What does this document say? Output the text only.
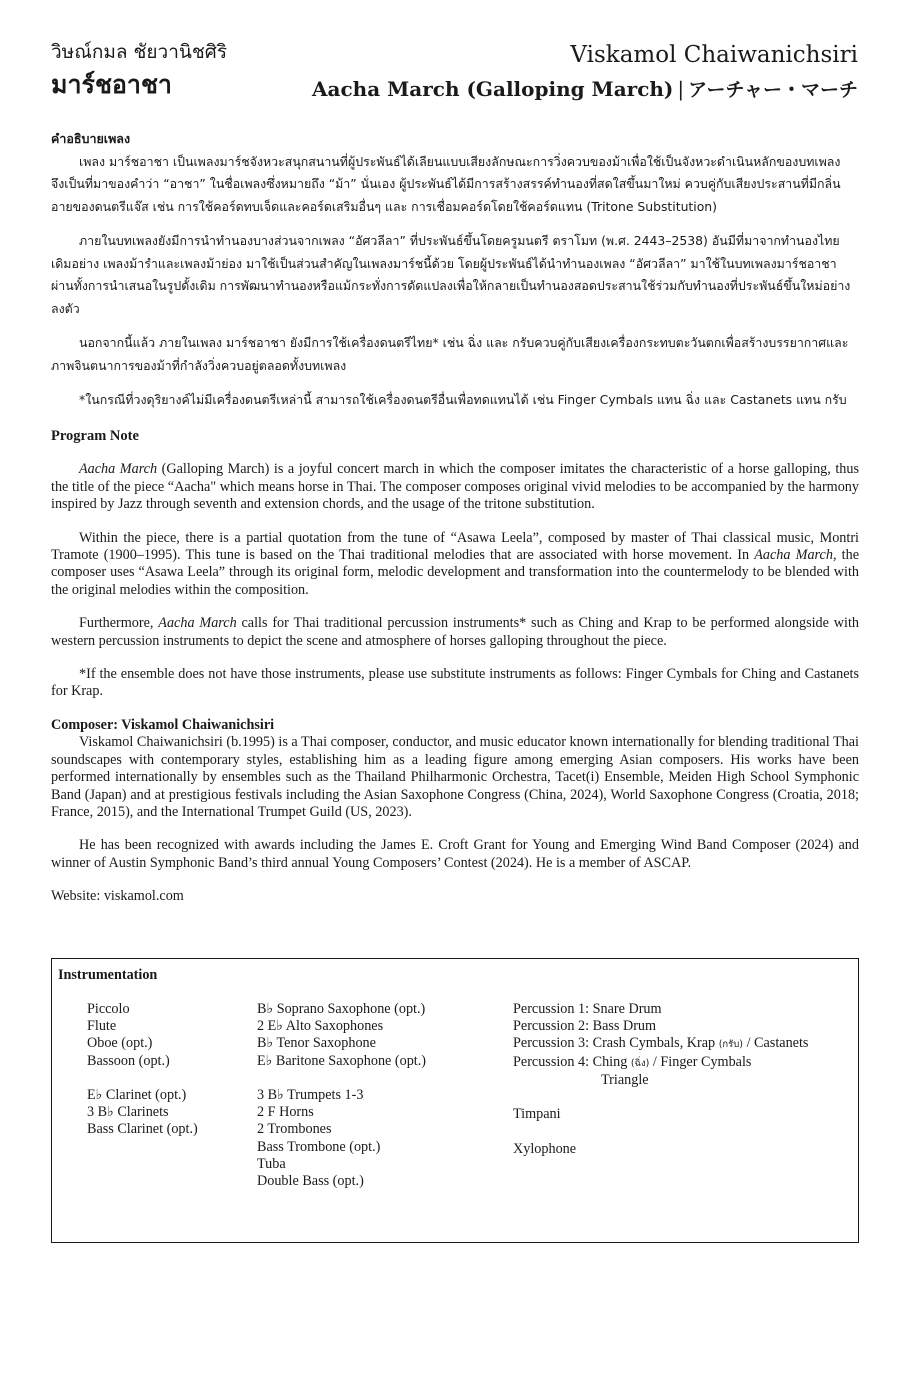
วิษณ์กมล ชัยวานิชศิริ
มาร์ชอาชา
Viskamol Chaiwanichsiri
Aacha March (Galloping March) | アーチャー・マーチ
คำอธิบายเพลง

เพลง มาร์ชอาชา เป็นเพลงมาร์ชจังหวะสนุกสนานที่ผู้ประพันธ์ได้เลียนแบบเสียงลักษณะการวิ่งควบของม้าเพื่อใช้เป็นจังหวะดำเนินหลักของบทเพลง จึงเป็นที่มาของคำว่า “อาชา” ในชื่อเพลงซึ่งหมายถึง “ม้า” นั่นเอง ผู้ประพันธ์ได้มีการสร้างสรรค์ทำนองที่สดใสขึ้นมาใหม่ ควบคู่กับเสียงประสานที่มีกลิ่นอายของดนตรีแจ๊ส เช่น การใช้คอร์ดทบเจ็ดและคอร์ดเสริมอื่นๆ และ การเชื่อมคอร์ดโดยใช้คอร์ดแทน (Tritone Substitution)

ภายในบทเพลงยังมีการนำทำนองบางส่วนจากเพลง “อัศวลีลา” ที่ประพันธ์ขึ้นโดยครูมนตรี ตราโมท (พ.ศ. 2443–2538) อันมีที่มาจากทำนองไทยเดิมอย่าง เพลงม้ารำและเพลงม้าย่อง มาใช้เป็นส่วนสำคัญในเพลงมาร์ชนี้ด้วย โดยผู้ประพันธ์ได้นำทำนองเพลง “อัศวลีลา” มาใช้ในบทเพลงมาร์ชอาชาผ่านทั้งการนำเสนอในรูปดั้งเดิม การพัฒนาทำนองหรือแม้กระทั่งการดัดแปลงเพื่อให้กลายเป็นทำนองสอดประสานใช้ร่วมกับทำนองที่ประพันธ์ขึ้นใหม่อย่างลงตัว

นอกจากนี้แล้ว ภายในเพลง มาร์ชอาชา ยังมีการใช้เครื่องดนตรีไทย* เช่น ฉิ่ง และ กรับควบคู่กับเสียงเครื่องกระทบตะวันตกเพื่อสร้างบรรยากาศและภาพจินตนาการของม้าที่กำลังวิ่งควบอยู่ตลอดทั้งบทเพลง

*ในกรณีที่วงดุริยางค์ไม่มีเครื่องดนตรีเหล่านี้ สามารถใช้เครื่องดนตรีอื่นเพื่อทดแทนได้ เช่น Finger Cymbals แทน ฉิ่ง และ Castanets แทน กรับ

Program Note

Aacha March (Galloping March) is a joyful concert march in which the composer imitates the characteristic of a horse galloping, thus the title of the piece “Aacha" which means horse in Thai. The composer composes original vivid melodies to be accompanied by the harmony inspired by Jazz through seventh and extension chords, and the usage of the tritone substitution.

Within the piece, there is a partial quotation from the tune of “Asawa Leela”, composed by master of Thai classical music, Montri Tramote (1900–1995). This tune is based on the Thai traditional melodies that are associated with horse movement. In Aacha March, the composer uses “Asawa Leela” through its original form, melodic development and transformation into the countermelody to be blended with the original melodies within the composition.

Furthermore, Aacha March calls for Thai traditional percussion instruments* such as Ching and Krap to be performed alongside with western percussion instruments to depict the scene and atmosphere of horses galloping throughout the piece.

*If the ensemble does not have those instruments, please use substitute instruments as follows: Finger Cymbals for Ching and Castanets for Krap.

Composer: Viskamol Chaiwanichsiri

Viskamol Chaiwanichsiri (b.1995) is a Thai composer, conductor, and music educator known internationally for blending traditional Thai soundscapes with contemporary styles, establishing him as a leading figure among emerging Asian composers. His works have been performed internationally by ensembles such as the Thailand Philharmonic Orchestra, Tacet(i) Ensemble, Meiden High School Symphonic Band (Japan) and at prestigious festivals including the Asian Saxophone Congress (China, 2024), World Saxophone Congress (Croatia, 2018; France, 2015), and the International Trumpet Guild (US, 2023).

He has been recognized with awards including the James E. Croft Grant for Young and Emerging Wind Band Composer (2024) and winner of Austin Symphonic Band’s third annual Young Composers’ Contest (2024). He is a member of ASCAP.

Website: viskamol.com

Instrumentation
Piccolo
Flute
Oboe (opt.)
Bassoon (opt.)
E♭ Clarinet (opt.)
3 B♭ Clarinets
Bass Clarinet (opt.)
B♭ Soprano Saxophone (opt.)
2 E♭ Alto Saxophones
B♭ Tenor Saxophone
E♭ Baritone Saxophone (opt.)
3 B♭ Trumpets 1-3
2 F Horns
2 Trombones
Bass Trombone (opt.)
Tuba
Double Bass (opt.)
Percussion 1: Snare Drum
Percussion 2: Bass Drum
Percussion 3: Crash Cymbals, Krap (กรับ) / Castanets
Percussion 4: Ching (ฉิ่ง) / Finger Cymbals
Triangle
Timpani
Xylophone
